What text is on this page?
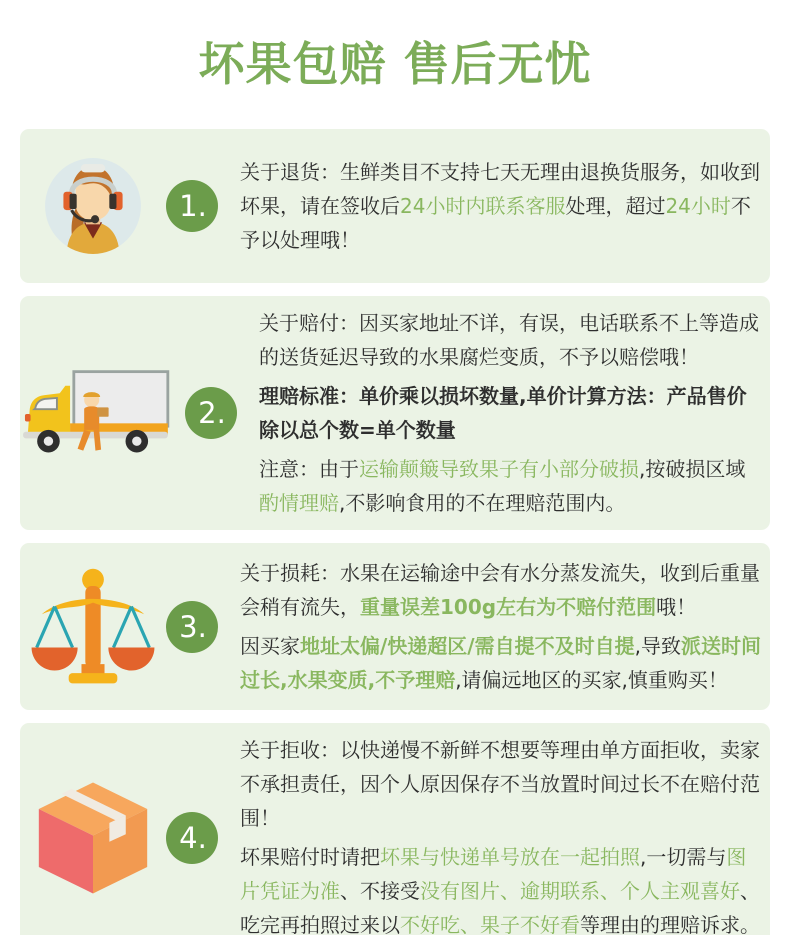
坏果包赔 售后无忧
1.

关于退货：生鲜类目不支持七天无理由退换货服务，如收到坏果，请在签收后24小时内联系客服处理，超过24小时不予以处理哦！

2.

关于赔付：因买家地址不详，有误，电话联系不上等造成的送货延迟导致的水果腐烂变质，不予以赔偿哦！

理赔标准：单价乘以损坏数量,单价计算方法：产品售价除以总个数=单个数量

注意：由于运输颠簸导致果子有小部分破损,按破损区域酌情理赔,不影响食用的不在理赔范围内。

3.

关于损耗：水果在运输途中会有水分蒸发流失，收到后重量会稍有流失，重量误差100g左右为不赔付范围哦！

因买家地址太偏/快递超区/需自提不及时自提,导致派送时间过长,水果变质,不予理赔,请偏远地区的买家,慎重购买！

4.

关于拒收：以快递慢不新鲜不想要等理由单方面拒收，卖家不承担责任，因个人原因保存不当放置时间过长不在赔付范围！

坏果赔付时请把坏果与快递单号放在一起拍照,一切需与图片凭证为准、不接受没有图片、逾期联系、个人主观喜好、吃完再拍照过来以不好吃、果子不好看等理由的理赔诉求。
